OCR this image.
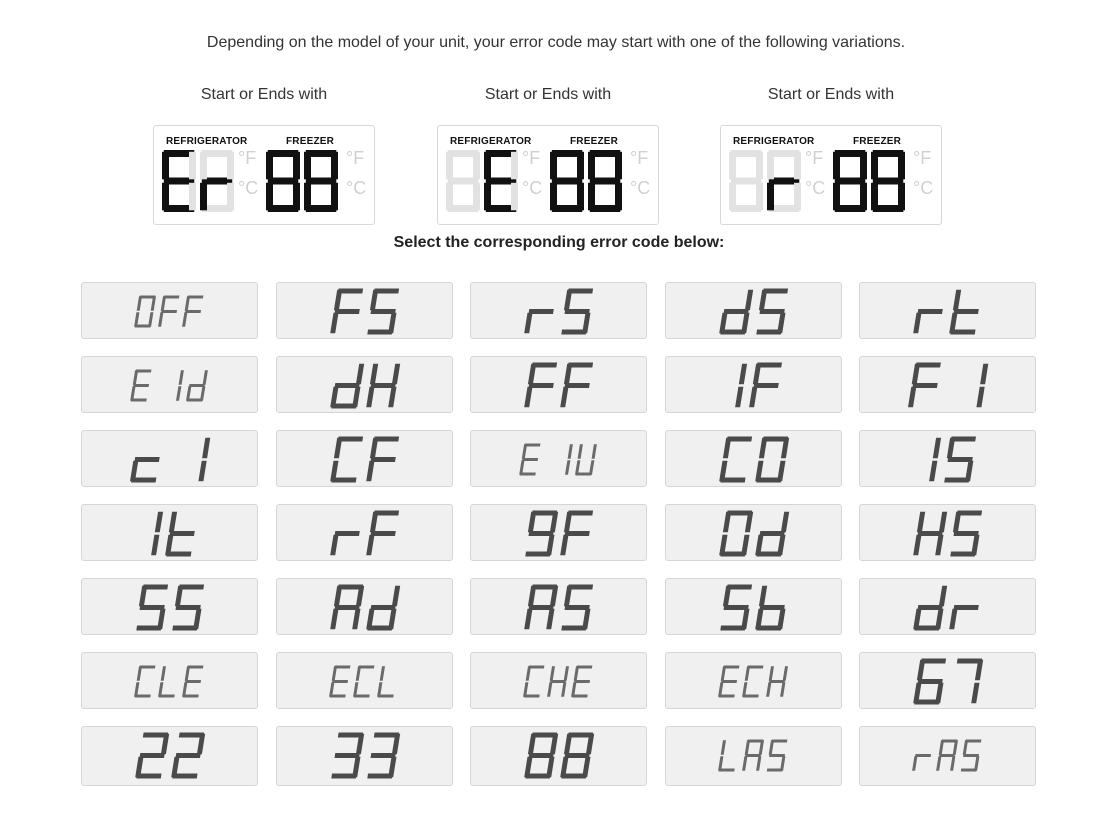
Depending on the model of your unit, your error code may start with one of the following variations.
Start or Ends with
REFRIGERATOR	FREEZER
°F
°C
°F
°C
Start or Ends with
REFRIGERATOR	FREEZER
°F
°C
°F
°C
Start or Ends with
REFRIGERATOR	FREEZER
°F
°C
°F
°C
Select the corresponding error code below:
